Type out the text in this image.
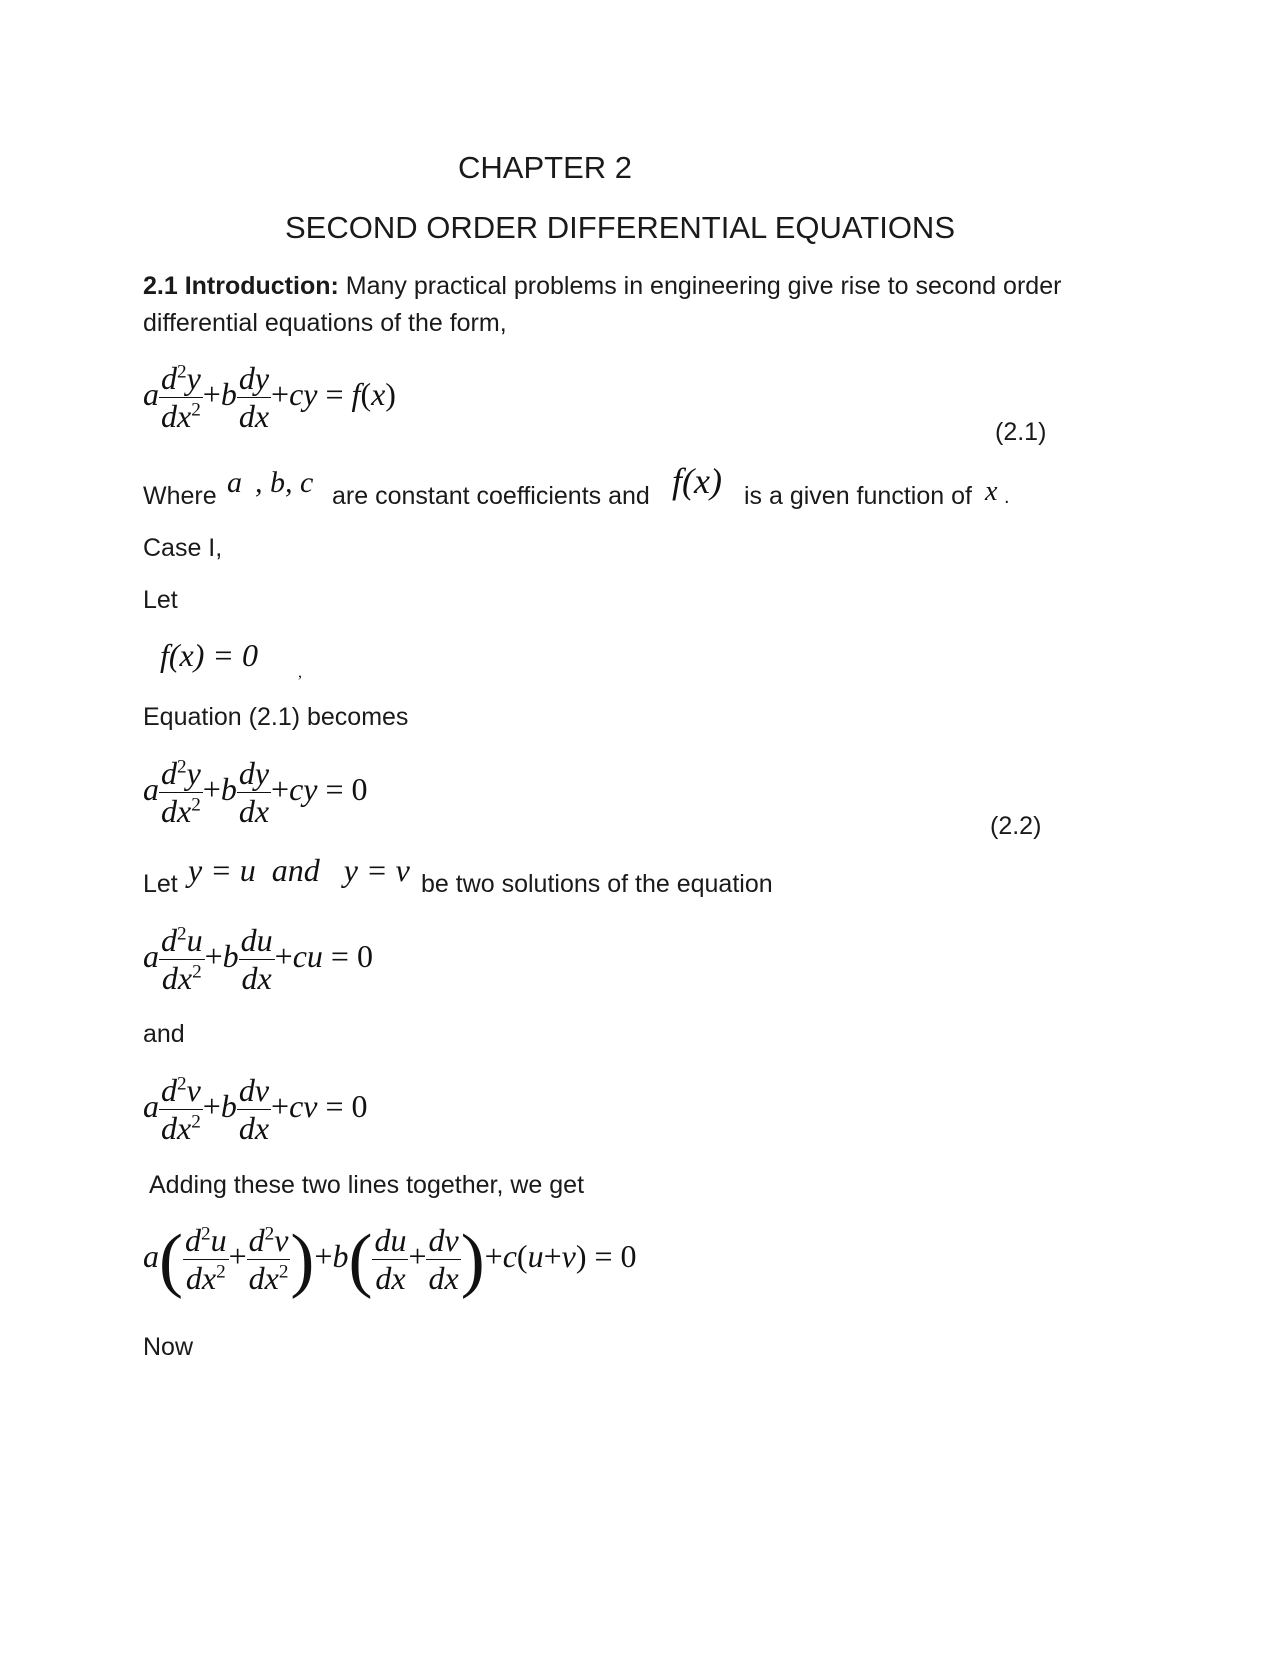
CHAPTER 2
SECOND ORDER DIFFERENTIAL EQUATIONS
2.1 Introduction: Many practical problems in engineering give rise to second order
differential equations of the form,
a $\frac{d^2y}{dx^2} +b \frac{dy}{dx} +cy = f(x)$
(2.1)
Where a , b, c are constant coefficients and f(x) is a given function of x .
Case I,
Let
f(x) = 0	,
Equation (2.1) becomes
a $\frac{d^2y}{dx^2} +b \frac{dy}{dx} +cy = 0$
(2.2)
Let y = u  and   y = v be two solutions of the equation
a $\frac{d^2u}{dx^2} +b \frac{du}{dx} +cu = 0$
and
a $\frac{d^2v}{dx^2} +b \frac{dv}{dx} +cv = 0$
Adding these two lines together, we get
$a( \frac{d^2u}{dx^2} + \frac{d^2v}{dx^2} )+b( \frac{du}{dx} + \frac{dv}{dx} )+c(u+v) = 0$
Now
